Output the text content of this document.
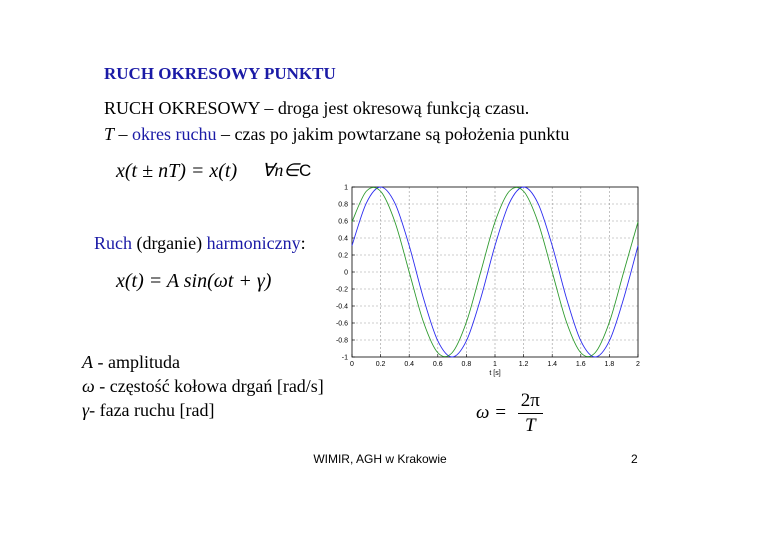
RUCH OKRESOWY PUNKTU
RUCH OKRESOWY – droga jest okresową funkcją czasu.
T – okres ruchu – czas po jakim powtarzane są położenia punktu
x(t ± nT) = x(t) ∀n∈C
Ruch (drganie) harmoniczny:
x(t) = A sin(ωt + γ)
A - amplituda
ω - częstość kołowa drgań [rad/s]
γ- faza ruchu [rad]	$\omega = \frac{2\pi}{T}$
0	0.2	0.4	0.6	0.8	1	1.2	1.4	1.6	1.8	2
1
0.8
0.6
0.4
0.2
0
-0.2
-0.4
-0.6
-0.8
-1
t [s]
WIMIR, AGH w Krakowie	2
